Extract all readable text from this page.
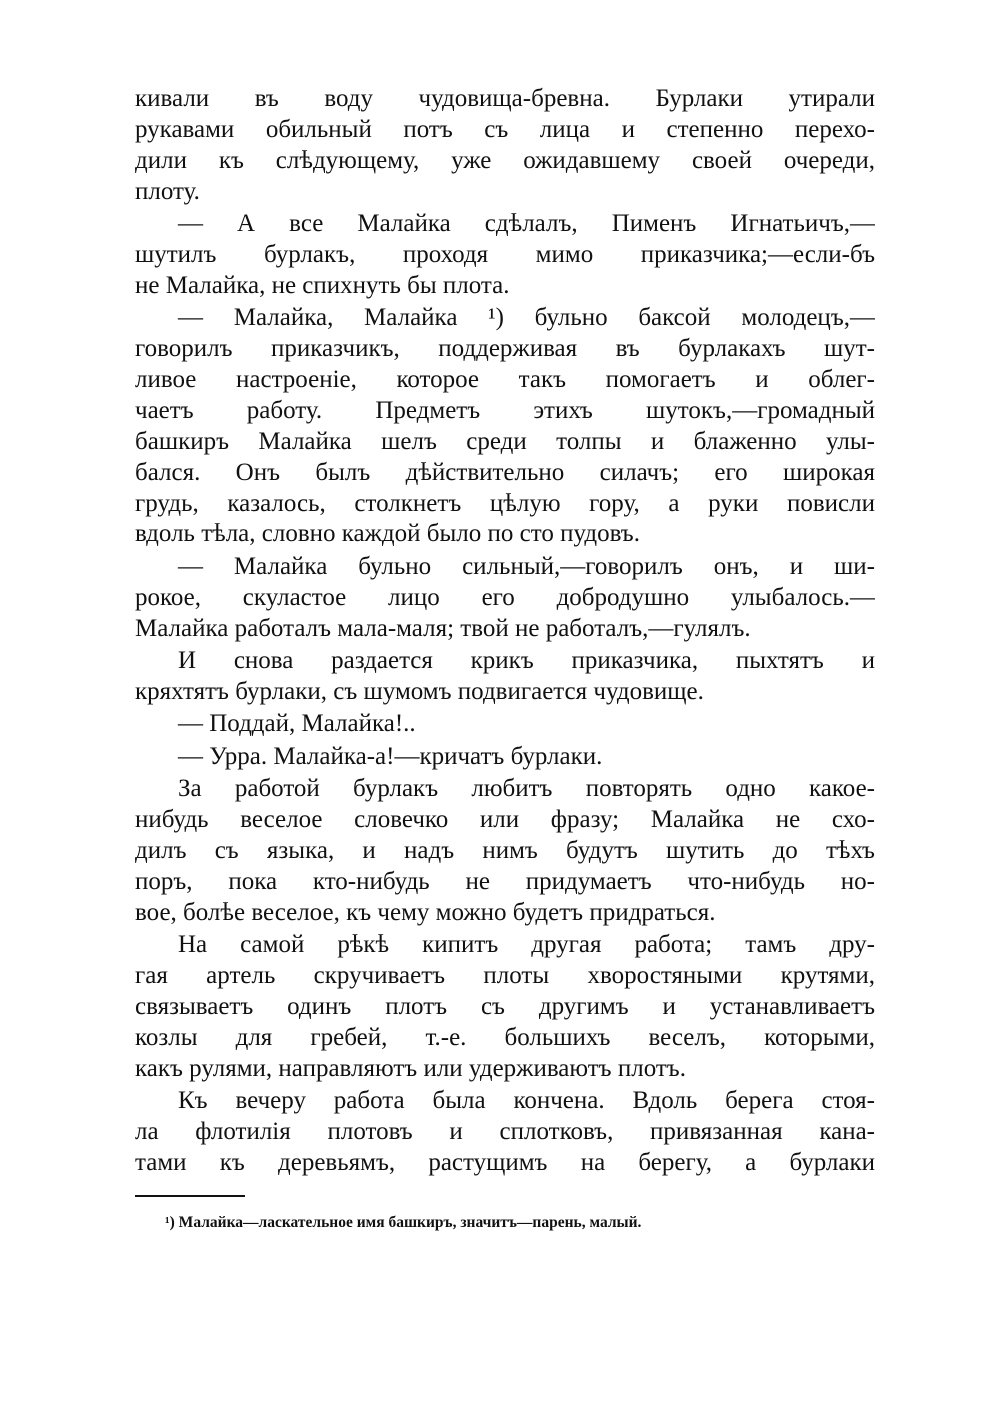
кивали въ воду чудовища-бревна. Бурлаки утирали
рукавами обильный потъ съ лица и степенно перехо-
дили къ слѣдующему, уже ожидавшему своей очереди,
плоту.
— А все Малайка сдѣлалъ, Пименъ Игнатьичъ,—
шутилъ бурлакъ, проходя мимо приказчика;—если-бъ
не Малайка, не спихнуть бы плота.
— Малайка, Малайка ¹) бульно баксой молодецъ,—
говорилъ приказчикъ, поддерживая въ бурлакахъ шут-
ливое настроеніе, которое такъ помогаетъ и облег-
чаетъ работу. Предметъ этихъ шутокъ,—громадный
башкиръ Малайка шелъ среди толпы и блаженно улы-
бался. Онъ былъ дѣйствительно силачъ; его широкая
грудь, казалось, столкнетъ цѣлую гору, а руки повисли
вдоль тѣла, словно каждой было по сто пудовъ.
— Малайка бульно сильный,—говорилъ онъ, и ши-
рокое, скуластое лицо его добродушно улыбалось.—
Малайка работалъ мала-маля; твой не работалъ,—гулялъ.
И снова раздается крикъ приказчика, пыхтятъ и
кряхтятъ бурлаки, съ шумомъ подвигается чудовище.
— Поддай, Малайка!..
— Урра. Малайка-а!—кричатъ бурлаки.
За работой бурлакъ любитъ повторять одно какое-
нибудь веселое словечко или фразу; Малайка не схо-
дилъ съ языка, и надъ нимъ будутъ шутить до тѣхъ
поръ, пока кто-нибудь не придумаетъ что-нибудь но-
вое, болѣе веселое, къ чему можно будетъ придраться.
На самой рѣкѣ кипитъ другая работа; тамъ дру-
гая артель скручиваетъ плоты хворостяными крутями,
связываетъ одинъ плотъ съ другимъ и устанавливаетъ
козлы для гребей, т.-е. большихъ веселъ, которыми,
какъ рулями, направляютъ или удерживаютъ плотъ.
Къ вечеру работа была кончена. Вдоль берега стоя-
ла флотилія плотовъ и сплотковъ, привязанная кана-
тами къ деревьямъ, растущимъ на берегу, а бурлаки
¹) Малайка—ласкательное имя башкиръ, значитъ—парень, малый.
